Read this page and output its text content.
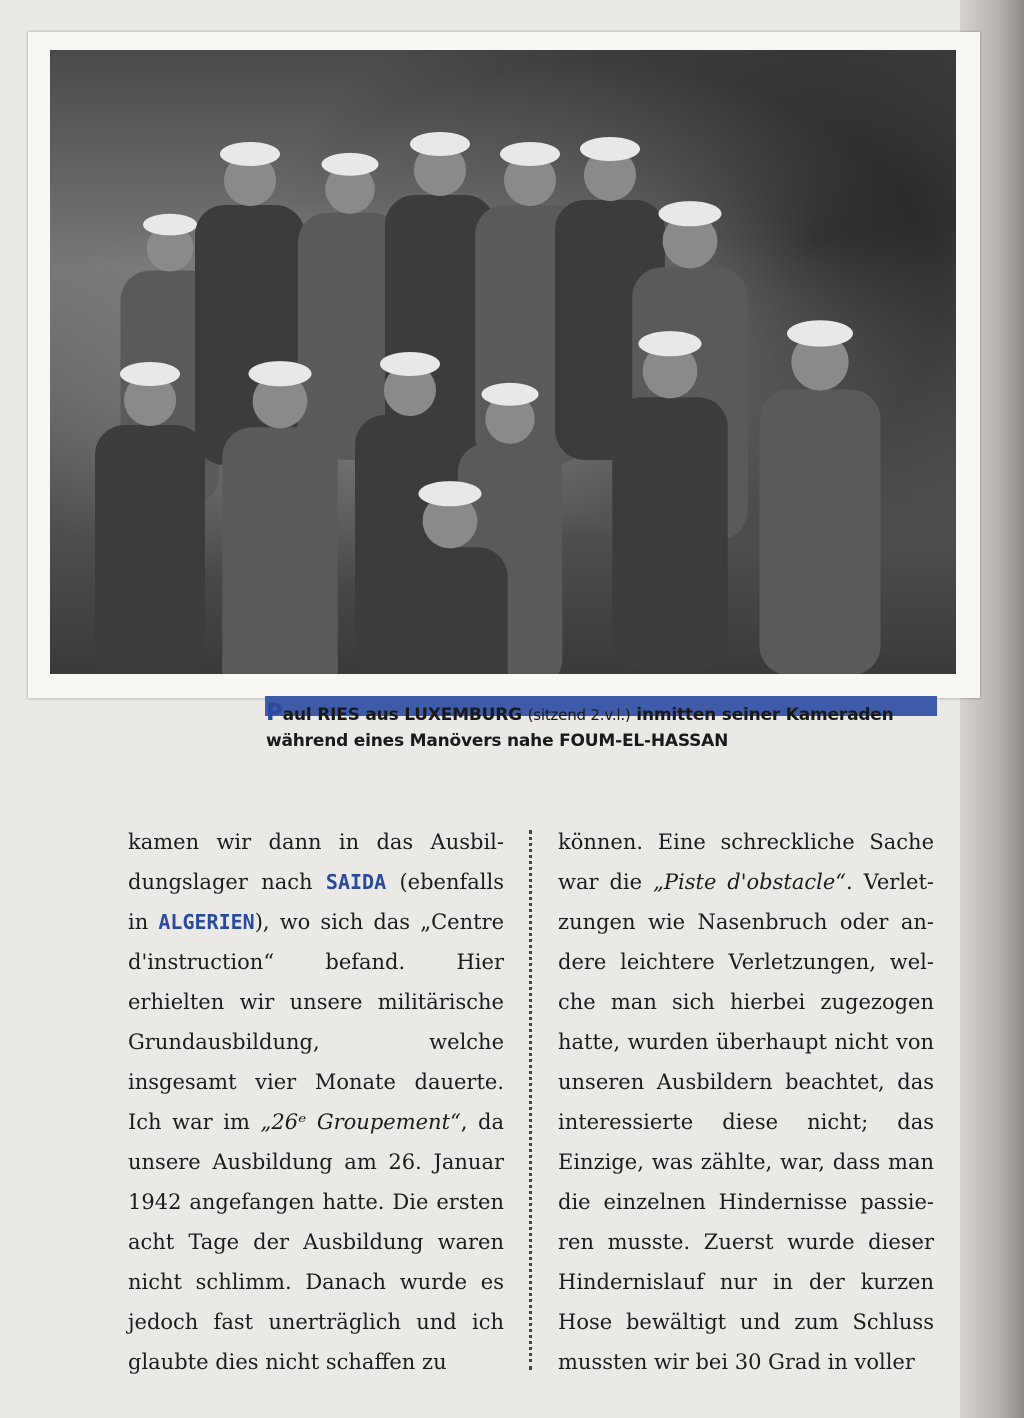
Paul RIES aus LUXEMBURG (sitzend 2.v.l.) inmitten seiner Kameraden
während eines Manövers nahe FOUM-EL-HASSAN

kamen wir dann in das Ausbildungslager nach SAIDA (ebenfalls in ALGERIEN), wo sich das „Centre d'instruction“ befand. Hier erhielten wir unsere militärische Grundausbildung, welche insgesamt vier Monate dauerte. Ich war im „26ᵉ Groupement“, da unsere Ausbildung am 26. Januar 1942 angefangen hatte. Die ersten acht Tage der Ausbildung waren nicht schlimm. Danach wurde es jedoch fast unerträglich und ich glaubte dies nicht schaffen zu

können. Eine schreckliche Sache war die „Piste d'obstacle“. Verletzungen wie Nasenbruch oder andere leichtere Verletzungen, welche man sich hierbei zugezogen hatte, wurden überhaupt nicht von unseren Ausbildern beachtet, das interessierte diese nicht; das Einzige, was zählte, war, dass man die einzelnen Hindernisse passieren musste. Zuerst wurde dieser Hindernislauf nur in der kurzen Hose bewältigt und zum Schluss mussten wir bei 30 Grad in voller
